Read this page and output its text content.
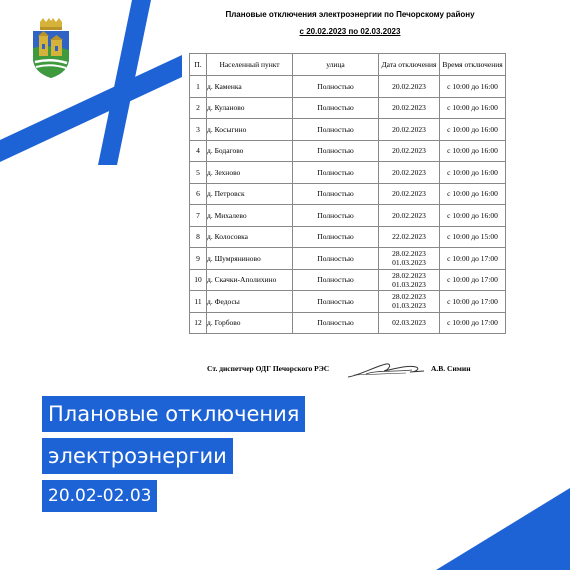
Плановые отключения электроэнергии по Печорскому району
с 20.02.2023 по 02.03.2023
П.	Населенный пункт	улица	Дата отключения	Время отключения
1	д. Каменка	Полностью	20.02.2023	с 10:00 до 16:00
2	д. Куланово	Полностью	20.02.2023	с 10:00 до 16:00
3	д. Косыгино	Полностью	20.02.2023	с 10:00 до 16:00
4	д. Бодагово	Полностью	20.02.2023	с 10:00 до 16:00
5	д. Зехново	Полностью	20.02.2023	с 10:00 до 16:00
6	д. Петровск	Полностью	20.02.2023	с 10:00 до 16:00
7	д. Михалево	Полностью	20.02.2023	с 10:00 до 16:00
8	д. Колосовка	Полностью	22.02.2023	с 10:00 до 15:00
9	д. Шумряниново	Полностью	28.02.2023
01.03.2023	с 10:00 до 17:00
10	д. Скачки-Аполихино	Полностью	28.02.2023
01.03.2023	с 10:00 до 17:00
11	д. Федосы	Полностью	28.02.2023
01.03.2023	с 10:00 до 17:00
12	д. Горбово	Полностью	02.03.2023	с 10:00 до 17:00
Ст. диспетчер ОДГ Печорского РЭС	А.В. Симин
Плановые отключения
электроэнергии
20.02-02.03
